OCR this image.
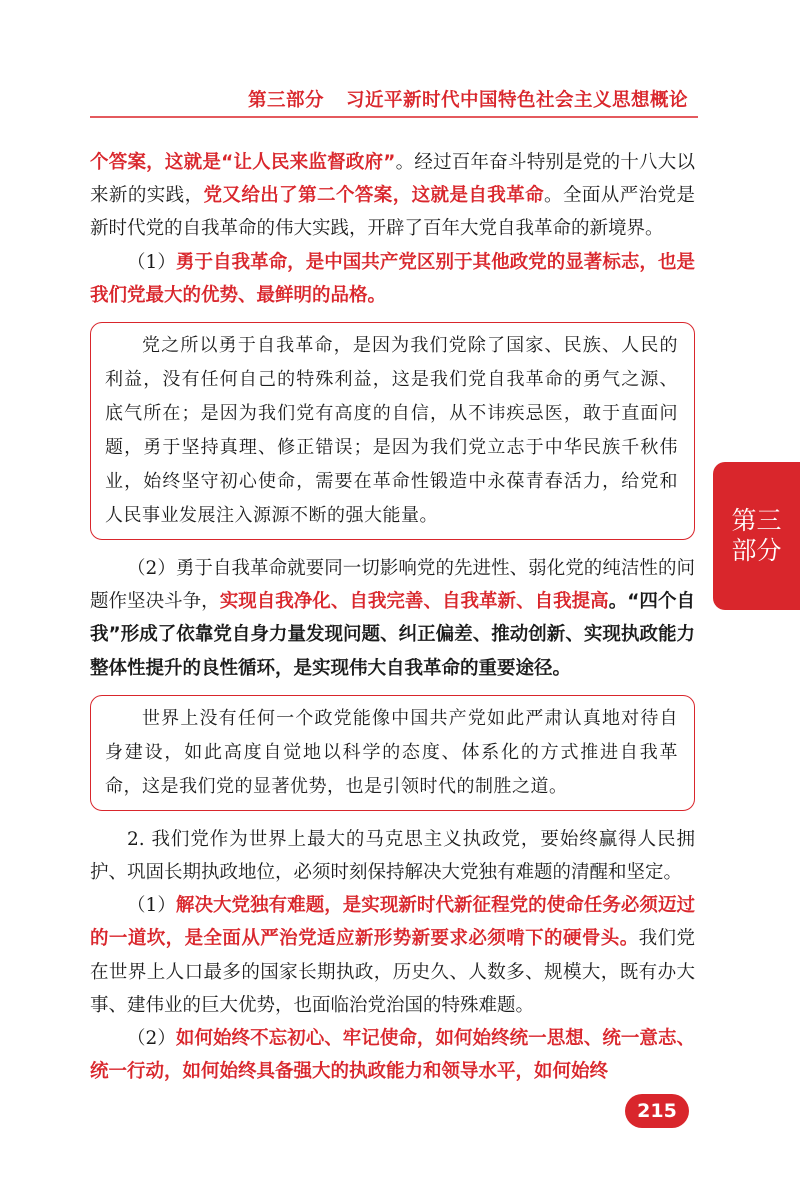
第三部分 习近平新时代中国特色社会主义思想概论

个答案，这就是“让人民来监督政府”。经过百年奋斗特别是党的十八大以来新的实践，党又给出了第二个答案，这就是自我革命。全面从严治党是新时代党的自我革命的伟大实践，开辟了百年大党自我革命的新境界。

（1）勇于自我革命，是中国共产党区别于其他政党的显著标志，也是我们党最大的优势、最鲜明的品格。

党之所以勇于自我革命，是因为我们党除了国家、民族、人民的利益，没有任何自己的特殊利益，这是我们党自我革命的勇气之源、底气所在；是因为我们党有高度的自信，从不讳疾忌医，敢于直面问题，勇于坚持真理、修正错误；是因为我们党立志于中华民族千秋伟业，始终坚守初心使命，需要在革命性锻造中永葆青春活力，给党和人民事业发展注入源源不断的强大能量。

（2）勇于自我革命就要同一切影响党的先进性、弱化党的纯洁性的问题作坚决斗争，实现自我净化、自我完善、自我革新、自我提高。“四个自我”形成了依靠党自身力量发现问题、纠正偏差、推动创新、实现执政能力整体性提升的良性循环，是实现伟大自我革命的重要途径。

世界上没有任何一个政党能像中国共产党如此严肃认真地对待自身建设，如此高度自觉地以科学的态度、体系化的方式推进自我革命，这是我们党的显著优势，也是引领时代的制胜之道。

2. 我们党作为世界上最大的马克思主义执政党，要始终赢得人民拥护、巩固长期执政地位，必须时刻保持解决大党独有难题的清醒和坚定。

（1）解决大党独有难题，是实现新时代新征程党的使命任务必须迈过的一道坎，是全面从严治党适应新形势新要求必须啃下的硬骨头。我们党在世界上人口最多的国家长期执政，历史久、人数多、规模大，既有办大事、建伟业的巨大优势，也面临治党治国的特殊难题。

（2）如何始终不忘初心、牢记使命，如何始终统一思想、统一意志、统一行动，如何始终具备强大的执政能力和领导水平，如何始终

第三
部分
215
